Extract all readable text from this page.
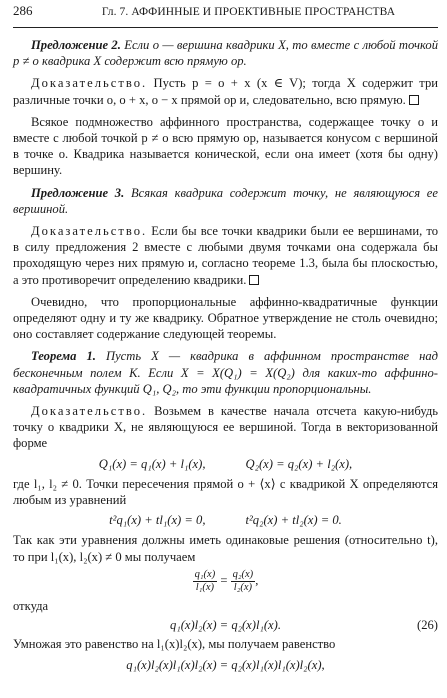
286	Гл. 7. АФФИННЫЕ И ПРОЕКТИВНЫЕ ПРОСТРАНСТВА

Предложение 2. Если o — вершина квадрики X, то вместе с любой точкой p ≠ o квадрика X содержит всю прямую op.

Доказательство. Пусть p = o + x (x ∈ V); тогда X содержит три различные точки o, o + x, o − x прямой op и, следовательно, всю прямую.

Всякое подмножество аффинного пространства, содержащее точку o и вместе с любой точкой p ≠ o всю прямую op, называется конусом с вершиной в точке o. Квадрика называется конической, если она имеет (хотя бы одну) вершину.

Предложение 3. Всякая квадрика содержит точку, не являющуюся ее вершиной.

Доказательство. Если бы все точки квадрики были ее вершинами, то в силу предложения 2 вместе с любыми двумя точками она содержала бы проходящую через них прямую и, согласно теореме 1.3, была бы плоскостью, а это противоречит определению квадрики.

Очевидно, что пропорциональные аффинно-квадратичные функции определяют одну и ту же квадрику. Обратное утверждение не столь очевидно; оно составляет содержание следующей теоремы.

Теорема 1. Пусть X — квадрика в аффинном пространстве над бесконечным полем K. Если X = X(Q₁) = X(Q₂) для каких-то аффинно-квадратичных функций Q₁, Q₂, то эти функции пропорциональны.

Доказательство. Возьмем в качестве начала отсчета какую-нибудь точку o квадрики X, не являющуюся ее вершиной. Тогда в векторизованной форме

Q₁(x) = q₁(x) + l₁(x),	Q₂(x) = q₂(x) + l₂(x),

где l₁, l₂ ≠ 0. Точки пересечения прямой o + ⟨x⟩ с квадрикой X определяются любым из уравнений

t²q₁(x) + tl₁(x) = 0,	t²q₂(x) + tl₂(x) = 0.

Так как эти уравнения должны иметь одинаковые решения (относительно t), то при l₁(x), l₂(x) ≠ 0 мы получаем

$\frac{\text{q₁(x)}}{\text{l₁(x)}} = \frac{\text{q₂(x)}}{\text{l₂(x)}}$ ,

откуда

q₁(x)l₂(x) = q₂(x)l₁(x).	(26)

Умножая это равенство на l₁(x)l₂(x), мы получаем равенство

q₁(x)l₂(x)l₁(x)l₂(x) = q₂(x)l₁(x)l₁(x)l₂(x),
